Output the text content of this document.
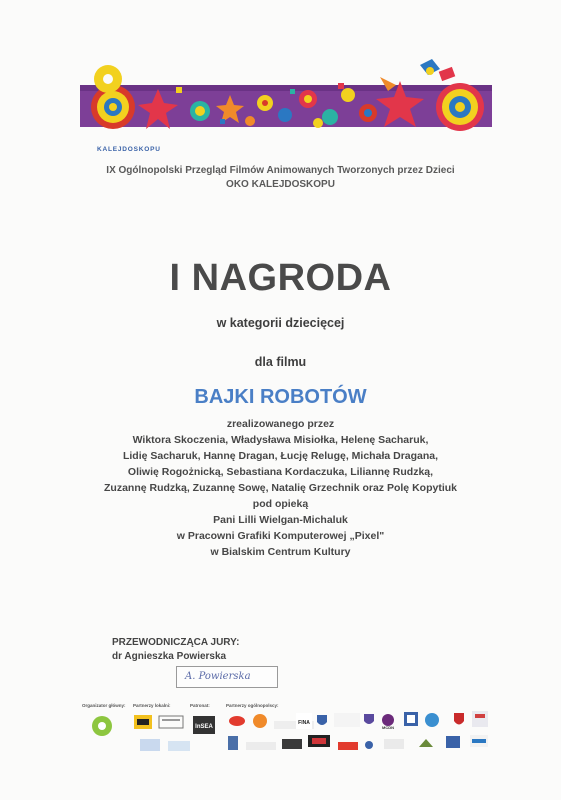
KALEJDOSKOPU
IX Ogólnopolski Przegląd Filmów Animowanych Tworzonych przez Dzieci
OKO KALEJDOSKOPU
I NAGRODA
w kategorii dziecięcej
dla filmu
BAJKI ROBOTÓW
zrealizowanego przez
Wiktora Skoczenia, Władysława Misiołka, Helenę Sacharuk,
Lidię Sacharuk, Hannę Dragan, Łucję Relugę, Michała Dragana,
Oliwię Rogożnicką, Sebastiana Kordaczuka, Liliannę Rudzką,
Zuzannę Rudzką, Zuzannę Sowę, Natalię Grzechnik oraz Polę Kopytiuk
pod opieką
Pani Lilli Wielgan-Michaluk
w Pracowni Grafiki Komputerowej „Pixel"
w Bialskim Centrum Kultury
PRZEWODNICZĄCA JURY:
dr Agnieszka Powierska
A. Powierska
Organizator główny: Partnerzy lokalni:	Patronat:	Partnerzy ogólnopolscy:
InSEA
FINA
MCDN
